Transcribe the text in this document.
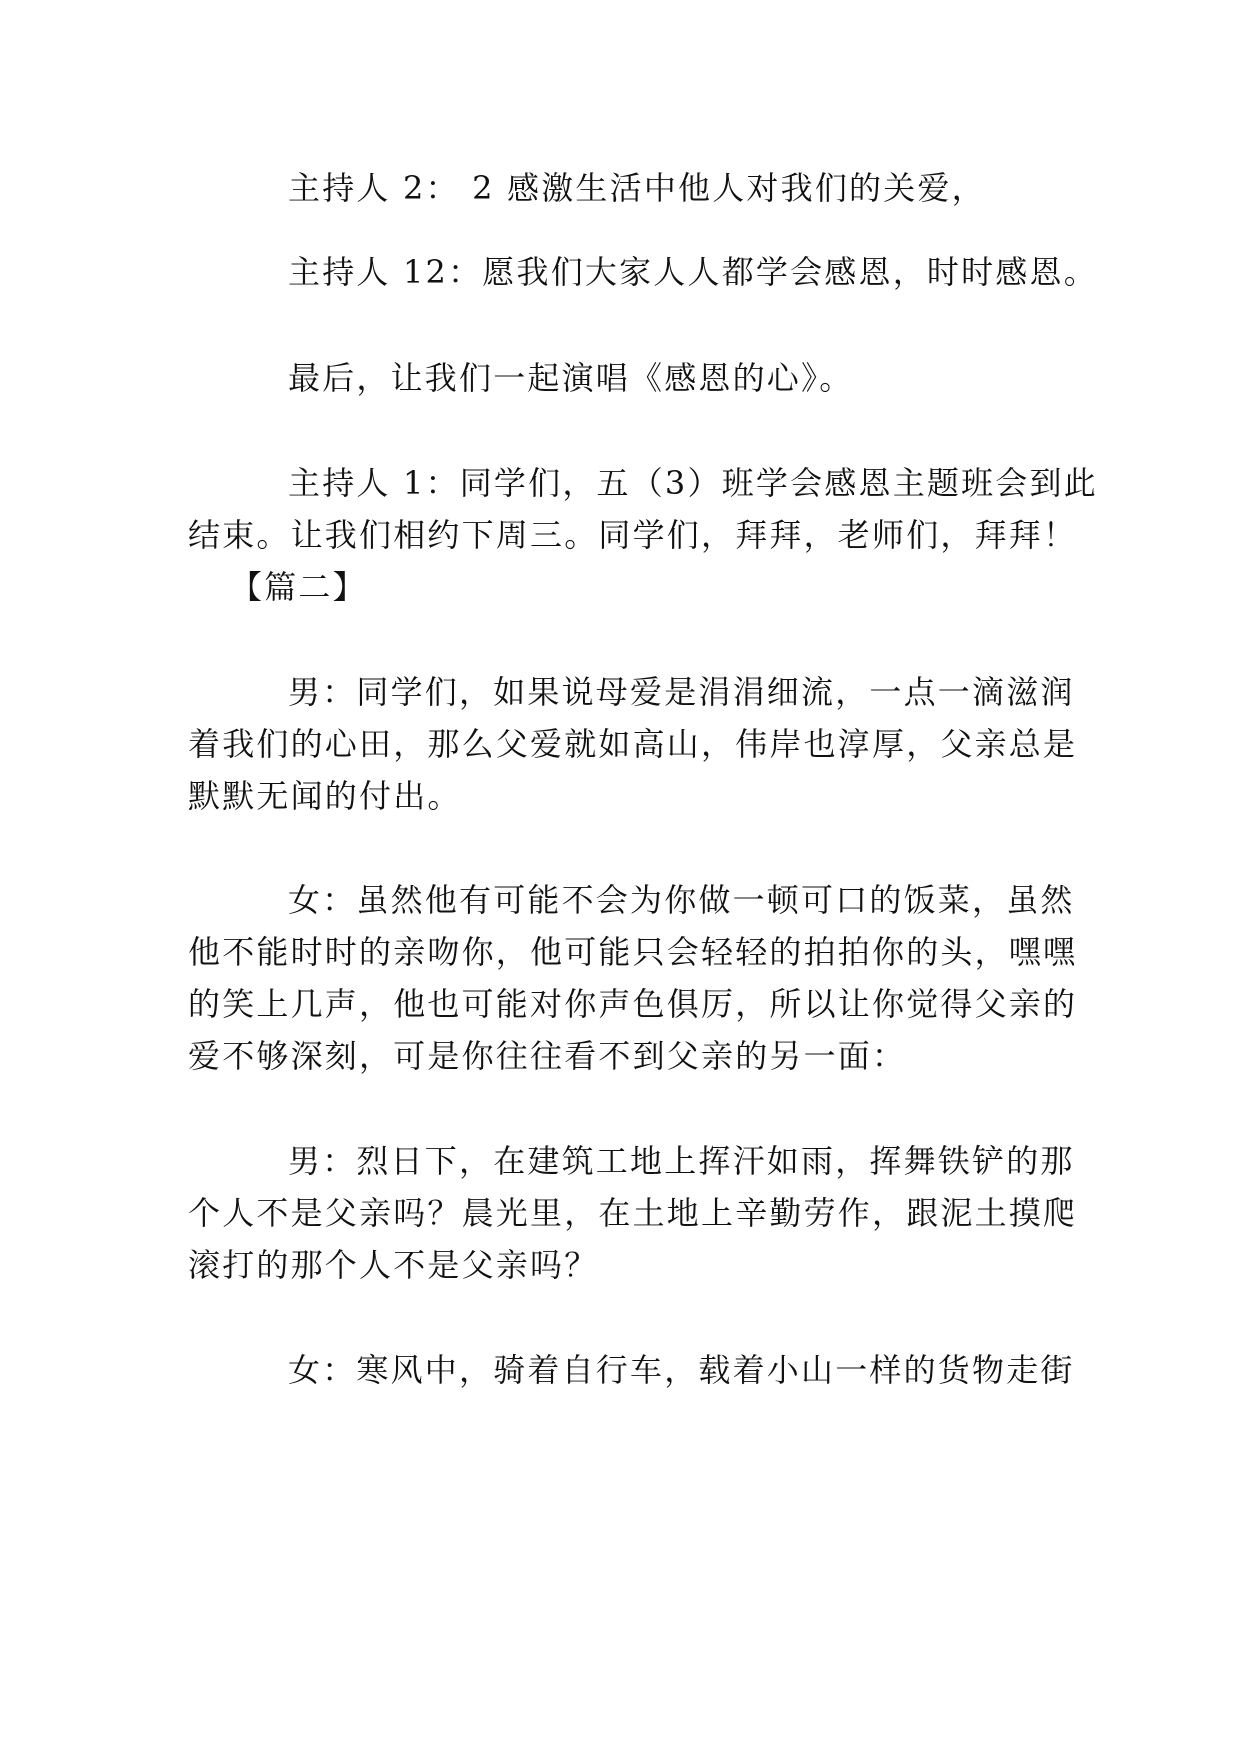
主持人 2： 2 感激生活中他人对我们的关爱，
主持人 12：愿我们大家人人都学会感恩，时时感恩。
最后，让我们一起演唱《感恩的心》。
主持人 1：同学们，五（3）班学会感恩主题班会到此
结束。让我们相约下周三。同学们，拜拜，老师们，拜拜！
【篇二】
男：同学们，如果说母爱是涓涓细流，一点一滴滋润
着我们的心田，那么父爱就如高山，伟岸也淳厚，父亲总是
默默无闻的付出。
女：虽然他有可能不会为你做一顿可口的饭菜，虽然
他不能时时的亲吻你，他可能只会轻轻的拍拍你的头，嘿嘿
的笑上几声，他也可能对你声色俱厉，所以让你觉得父亲的
爱不够深刻，可是你往往看不到父亲的另一面：
男：烈日下，在建筑工地上挥汗如雨，挥舞铁铲的那
个人不是父亲吗？晨光里，在土地上辛勤劳作，跟泥土摸爬
滚打的那个人不是父亲吗？
女：寒风中，骑着自行车，载着小山一样的货物走街
